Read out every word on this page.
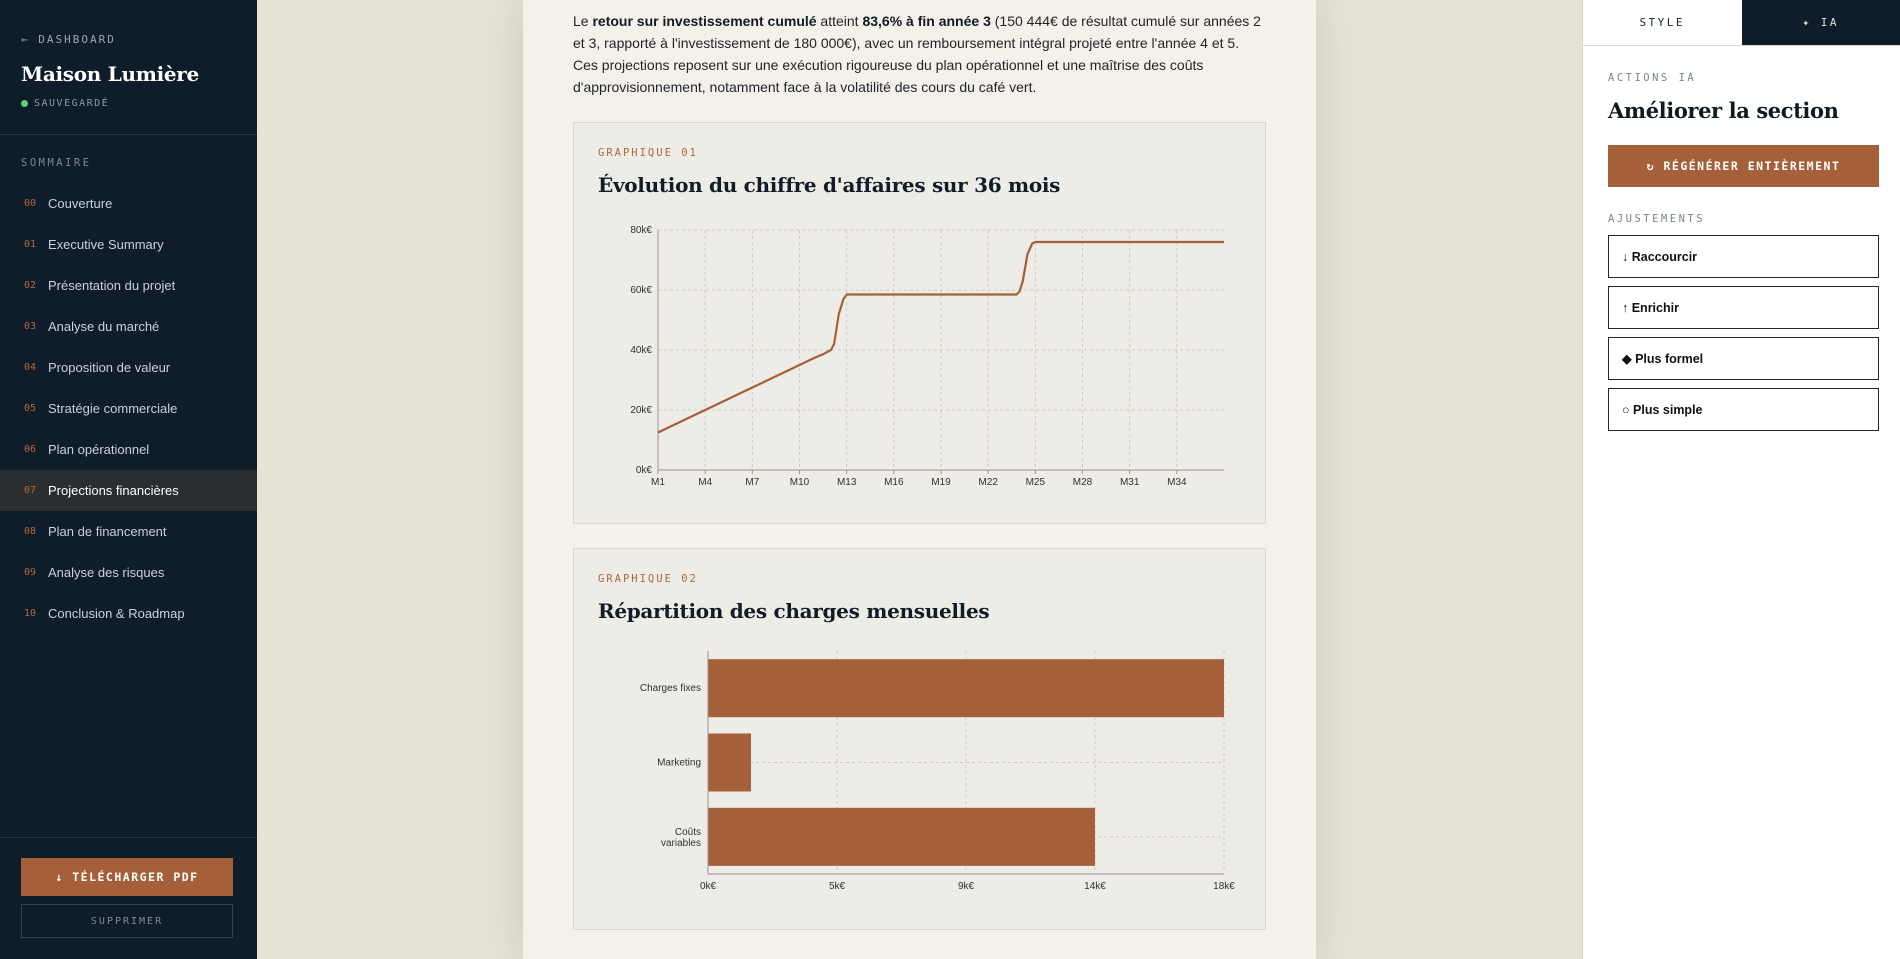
← DASHBOARD
Maison Lumière
SAUVEGARDÉ
SOMMAIRE
00 Couverture
01 Executive Summary
02 Présentation du projet
03 Analyse du marché
04 Proposition de valeur
05 Stratégie commerciale
06 Plan opérationnel
07 Projections financières
08 Plan de financement
09 Analyse des risques
10 Conclusion & Roadmap
↓ TÉLÉCHARGER PDF SUPPRIMER

Le retour sur investissement cumulé atteint 83,6% à fin année 3 (150 444€ de résultat cumulé sur années 2 et 3, rapporté à l'investissement de 180 000€), avec un remboursement intégral projeté entre l'année 4 et 5. Ces projections reposent sur une exécution rigoureuse du plan opérationnel et une maîtrise des coûts d'approvisionnement, notamment face à la volatilité des cours du café vert.

GRAPHIQUE 01
Évolution du chiffre d'affaires sur 36 mois
0k€
20k€
40k€
60k€
80k€
M1	M4	M7	M10	M13	M16	M19	M22	M25	M28	M31	M34
GRAPHIQUE 02
Répartition des charges mensuelles
0k€	5k€	9k€	14k€	18k€
Charges fixes
Marketing
Coûts
variables
STYLE	✦ IA
ACTIONS IA
Améliorer la section
↻ RÉGÉNÉRER ENTIÈREMENT
AJUSTEMENTS
↓ Raccourcir
↑ Enrichir
◆ Plus formel
○ Plus simple
